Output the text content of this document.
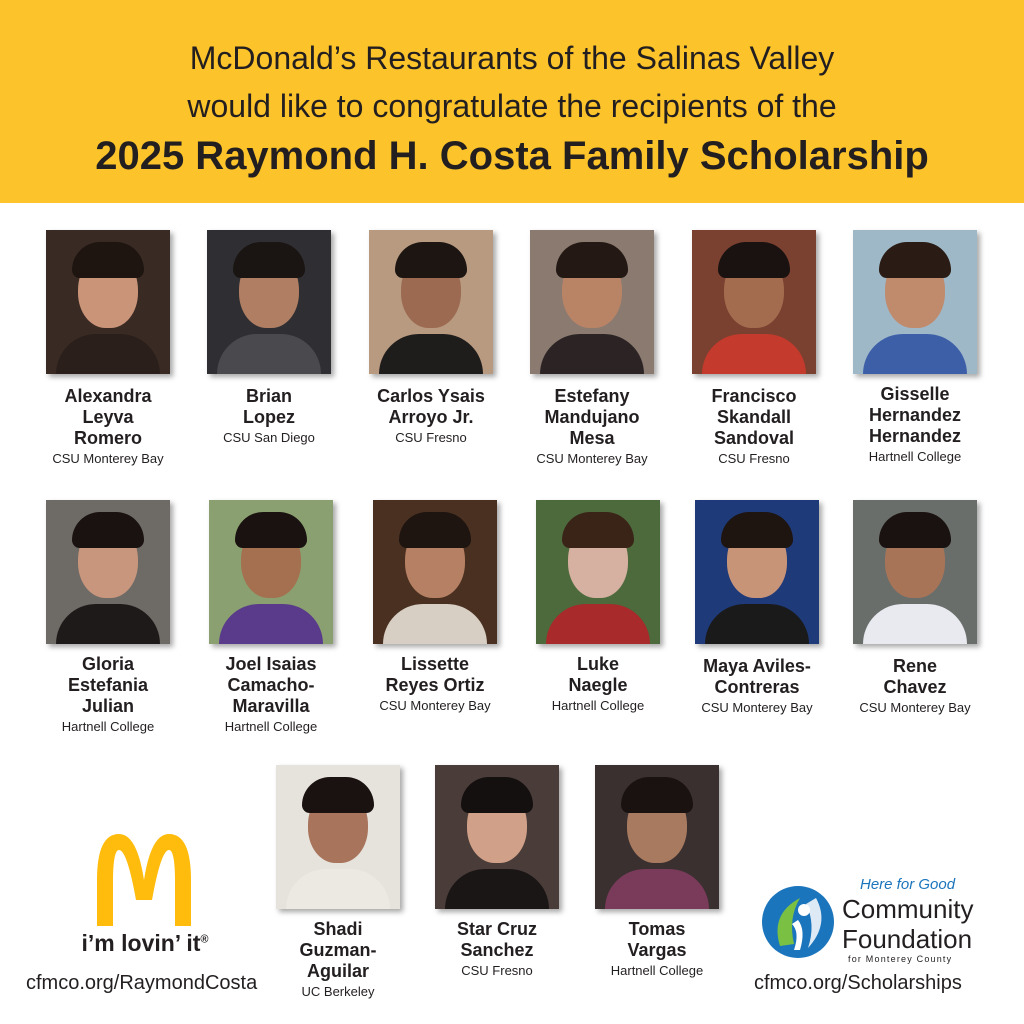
McDonald’s Restaurants of the Salinas Valley
would like to congratulate the recipients of the
2025 Raymond H. Costa Family Scholarship
Alexandra
Leyva
Romero
CSU Monterey Bay
Brian
Lopez
CSU San Diego
Carlos Ysais
Arroyo Jr.
CSU Fresno
Estefany
Mandujano
Mesa
CSU Monterey Bay
Francisco
Skandall
Sandoval
CSU Fresno
Gisselle
Hernandez
Hernandez
Hartnell College
Gloria
Estefania
Julian
Hartnell College
Joel Isaias
Camacho-
Maravilla
Hartnell College
Lissette
Reyes Ortiz
CSU Monterey Bay
Luke
Naegle
Hartnell College
Maya Aviles-
Contreras
CSU Monterey Bay
Rene
Chavez
CSU Monterey Bay
Shadi
Guzman-
Aguilar
UC Berkeley
Star Cruz
Sanchez
CSU Fresno
Tomas
Vargas
Hartnell College
i’m lovin’ it®
cfmco.org/RaymondCosta
Here for Good
Community
Foundation
for Monterey County
cfmco.org/Scholarships
